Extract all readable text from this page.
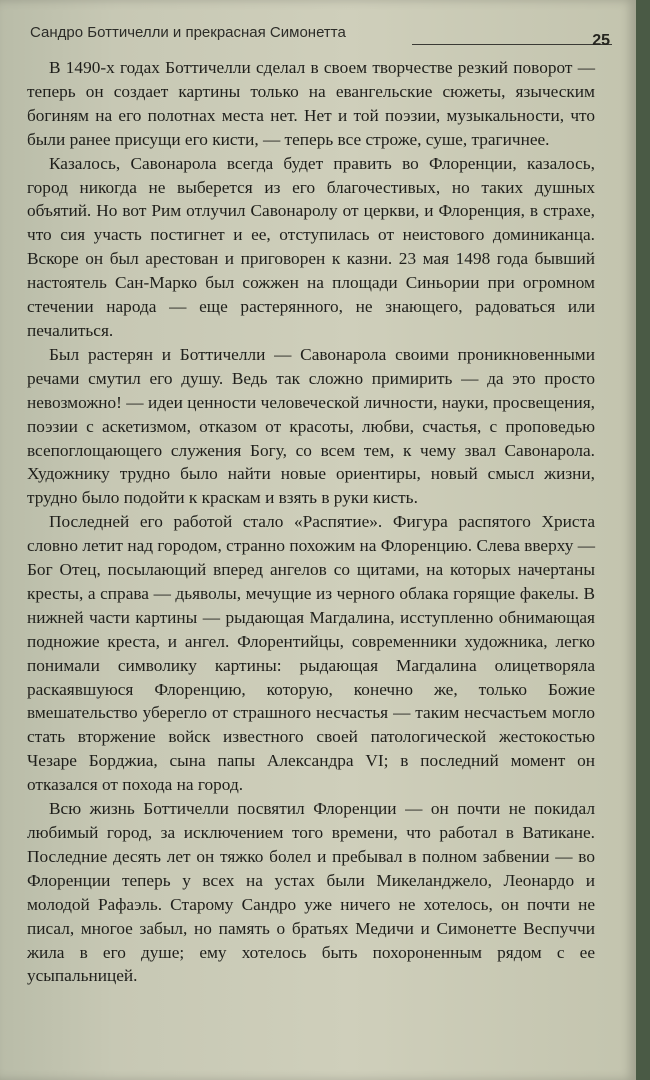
Сандро Боттичелли и прекрасная Симонетта	25

В 1490-х годах Боттичелли сделал в своем творчестве резкий поворот — теперь он создает картины только на евангельские сюжеты, языческим богиням на его полотнах места нет. Нет и той поэзии, музыкальности, что были ранее присущи его кисти, — теперь все строже, суше, трагичнее.

Казалось, Савонарола всегда будет править во Флоренции, казалось, город никогда не выберется из его благочестивых, но таких душных объятий. Но вот Рим отлучил Савонаролу от церкви, и Флоренция, в страхе, что сия участь постигнет и ее, отступилась от неистового доминиканца. Вскоре он был арестован и приговорен к казни. 23 мая 1498 года бывший настоятель Сан-Марко был сожжен на площади Синьории при огромном стечении народа — еще растерянного, не знающего, радоваться или печалиться.

Был растерян и Боттичелли — Савонарола своими проникновенными речами смутил его душу. Ведь так сложно примирить — да это просто невозможно! — идеи ценности человеческой личности, науки, просвещения, поэзии с аскетизмом, отказом от красоты, любви, счастья, с проповедью всепоглощающего служения Богу, со всем тем, к чему звал Савонарола. Художнику трудно было найти новые ориентиры, новый смысл жизни, трудно было подойти к краскам и взять в руки кисть.

Последней его работой стало «Распятие». Фигура распятого Христа словно летит над городом, странно похожим на Флоренцию. Слева вверху — Бог Отец, посылающий вперед ангелов со щитами, на которых начертаны кресты, а справа — дьяволы, мечущие из черного облака горящие факелы. В нижней части картины — рыдающая Магдалина, исступленно обнимающая подножие креста, и ангел. Флорентийцы, современники художника, легко понимали символику картины: рыдающая Магдалина олицетворяла раскаявшуюся Флоренцию, которую, конечно же, только Божие вмешательство уберегло от страшного несчастья — таким несчастьем могло стать вторжение войск известного своей патологической жестокостью Чезаре Борджиа, сына папы Александра VI; в последний момент он отказался от похода на город.

Всю жизнь Боттичелли посвятил Флоренции — он почти не покидал любимый город, за исключением того времени, что работал в Ватикане. Последние десять лет он тяжко болел и пребывал в полном забвении — во Флоренции теперь у всех на устах были Микеланджело, Леонардо и молодой Рафаэль. Старому Сандро уже ничего не хотелось, он почти не писал, многое забыл, но память о братьях Медичи и Симонетте Веспуччи жила в его душе; ему хотелось быть похороненным рядом с ее усыпальницей.
